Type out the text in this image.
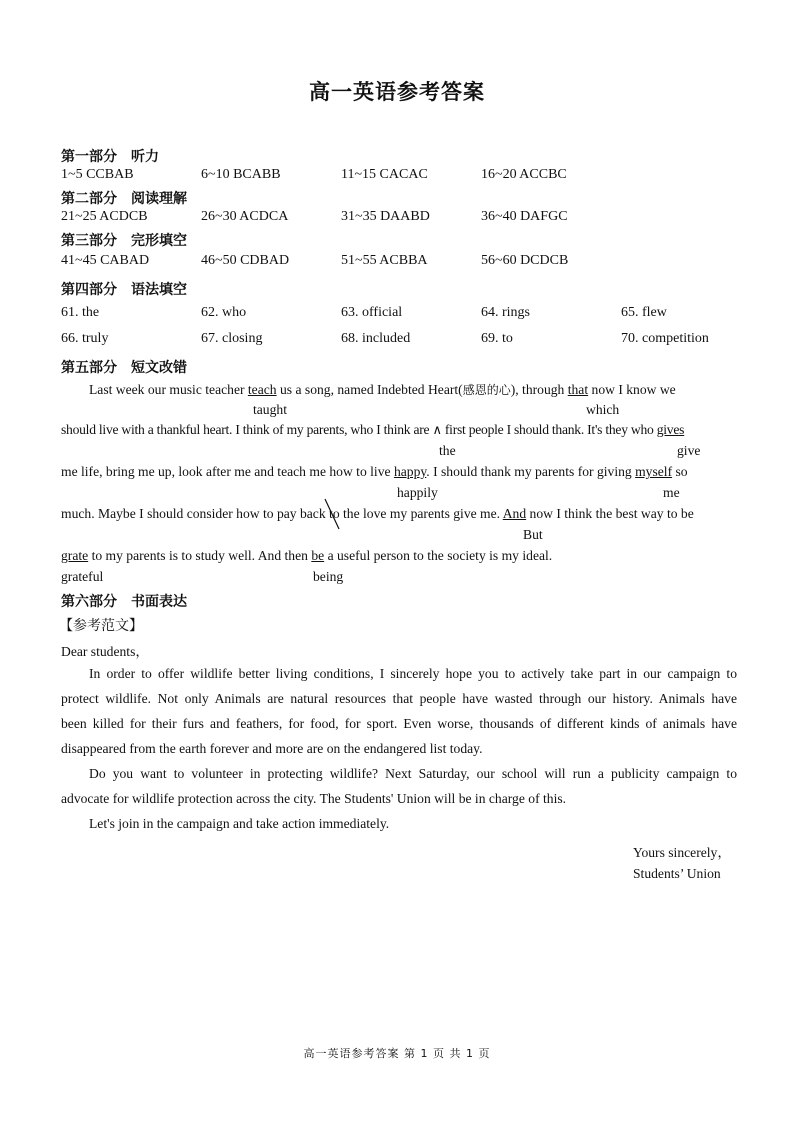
高一英语参考答案
第一部分　听力
1~5 CCBAB	6~10 BCABB	11~15 CACAC	16~20 ACCBC
第二部分　阅读理解
21~25 ACDCB	26~30 ACDCA	31~35 DAABD	36~40 DAFGC
第三部分　完形填空
41~45 CABAD	46~50 CDBAD	51~55 ACBBA	56~60 DCDCB
第四部分　语法填空
61. the	62. who	63. official	64. rings	65. flew
66. truly	67. closing	68. included	69. to	70. competition
第五部分　短文改错
Last week our music teacher teach us a song, named Indebted Heart(感恩的心), through that now I know we
taught	which
should live with a thankful heart. I think of my parents, who I think are ∧ first people I should thank. It's they who gives
the	give
me life, bring me up, look after me and teach me how to live happy. I should thank my parents for giving myself so
happily	me
much. Maybe I should consider how to pay back to
the love my parents give me. And now I think the best way to be
But
grate to my parents is to study well. And then be a useful person to the society is my ideal.
grateful	being
第六部分　书面表达
【参考范文】
Dear students，
In order to offer wildlife better living conditions, I sincerely hope you to actively take part in our campaign to
protect wildlife. Not only Animals are natural resources that people have wasted through our history. Animals have
been killed for their furs and feathers, for food, for sport. Even worse, thousands of different kinds of animals have
disappeared from the earth forever and more are on the endangered list today.
Do you want to volunteer in protecting wildlife? Next Saturday, our school will run a publicity campaign to
advocate for wildlife protection across the city. The Students' Union will be in charge of this.
Let's join in the campaign and take action immediately.
Yours sincerely，
Students’ Union
高一英语参考答案 第 1 页 共 1 页
